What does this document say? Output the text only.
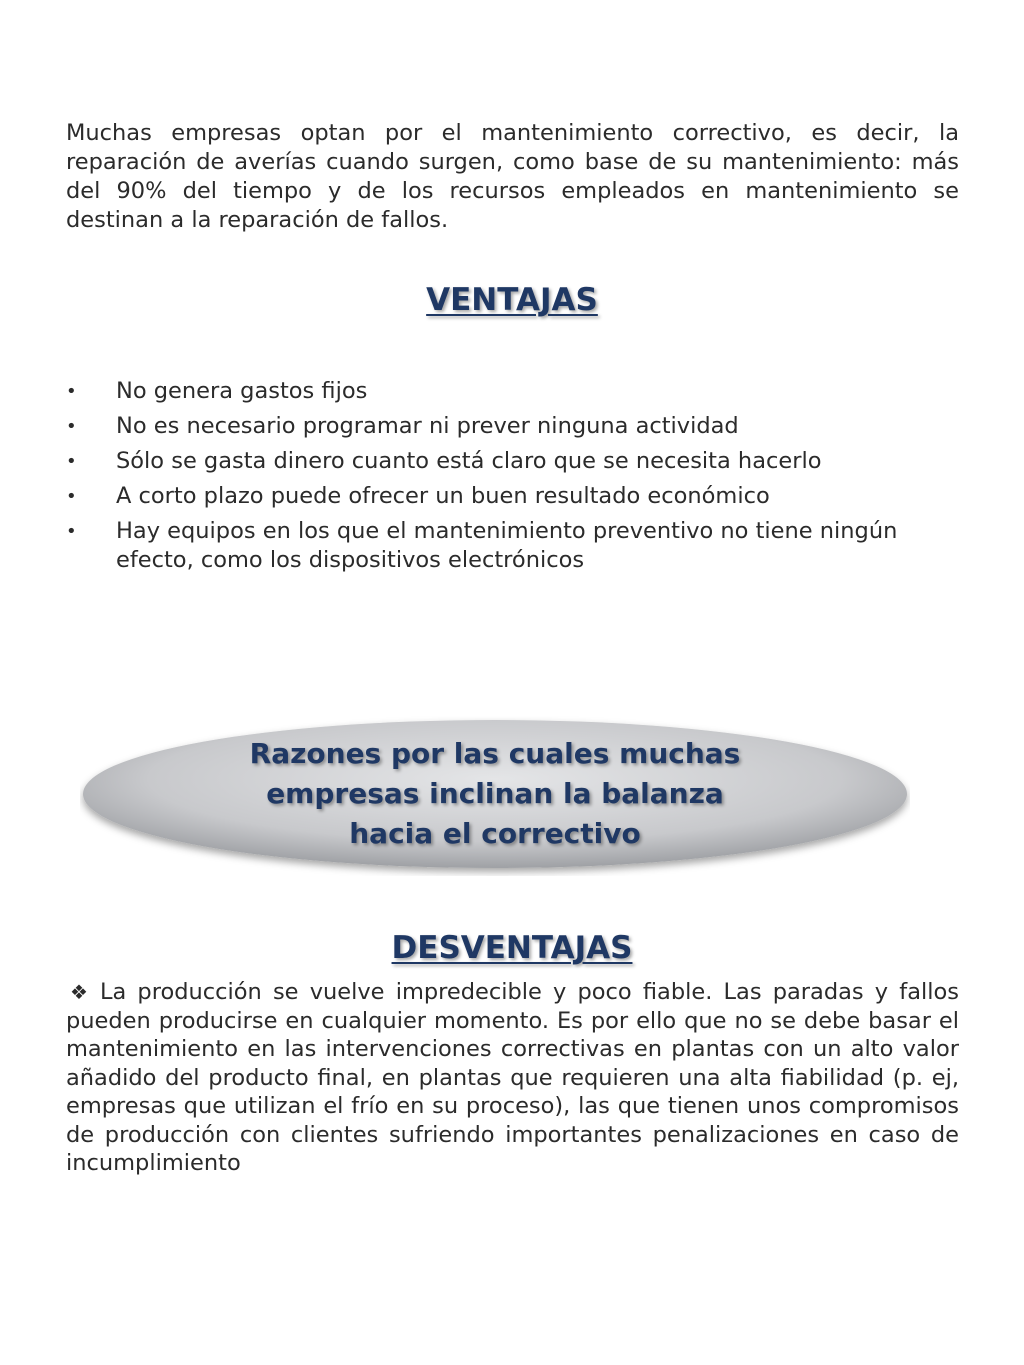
Muchas empresas optan por el mantenimiento correctivo, es decir, la reparación de averías cuando surgen, como base de su mantenimiento: más del 90% del tiempo y de los recursos empleados en mantenimiento se destinan a la reparación de fallos.

VENTAJAS
•	No genera gastos fijos
•	No es necesario programar ni prever ninguna actividad
•	Sólo se gasta dinero cuanto está claro que se necesita hacerlo
•	A corto plazo puede ofrecer un buen resultado económico
•	Hay equipos en los que el mantenimiento preventivo no tiene ningún efecto, como los dispositivos electrónicos
Razones por las cuales muchas
empresas inclinan la balanza
hacia el correctivo
DESVENTAJAS

❖ La producción se vuelve impredecible y poco fiable. Las paradas y fallos pueden producirse en cualquier momento. Es por ello que no se debe basar el mantenimiento en las intervenciones correctivas en plantas con un alto valor añadido del producto final, en plantas que requieren una alta fiabilidad (p. ej, empresas que utilizan el frío en su proceso), las que tienen unos compromisos de producción con clientes sufriendo importantes penalizaciones en caso de incumplimiento
